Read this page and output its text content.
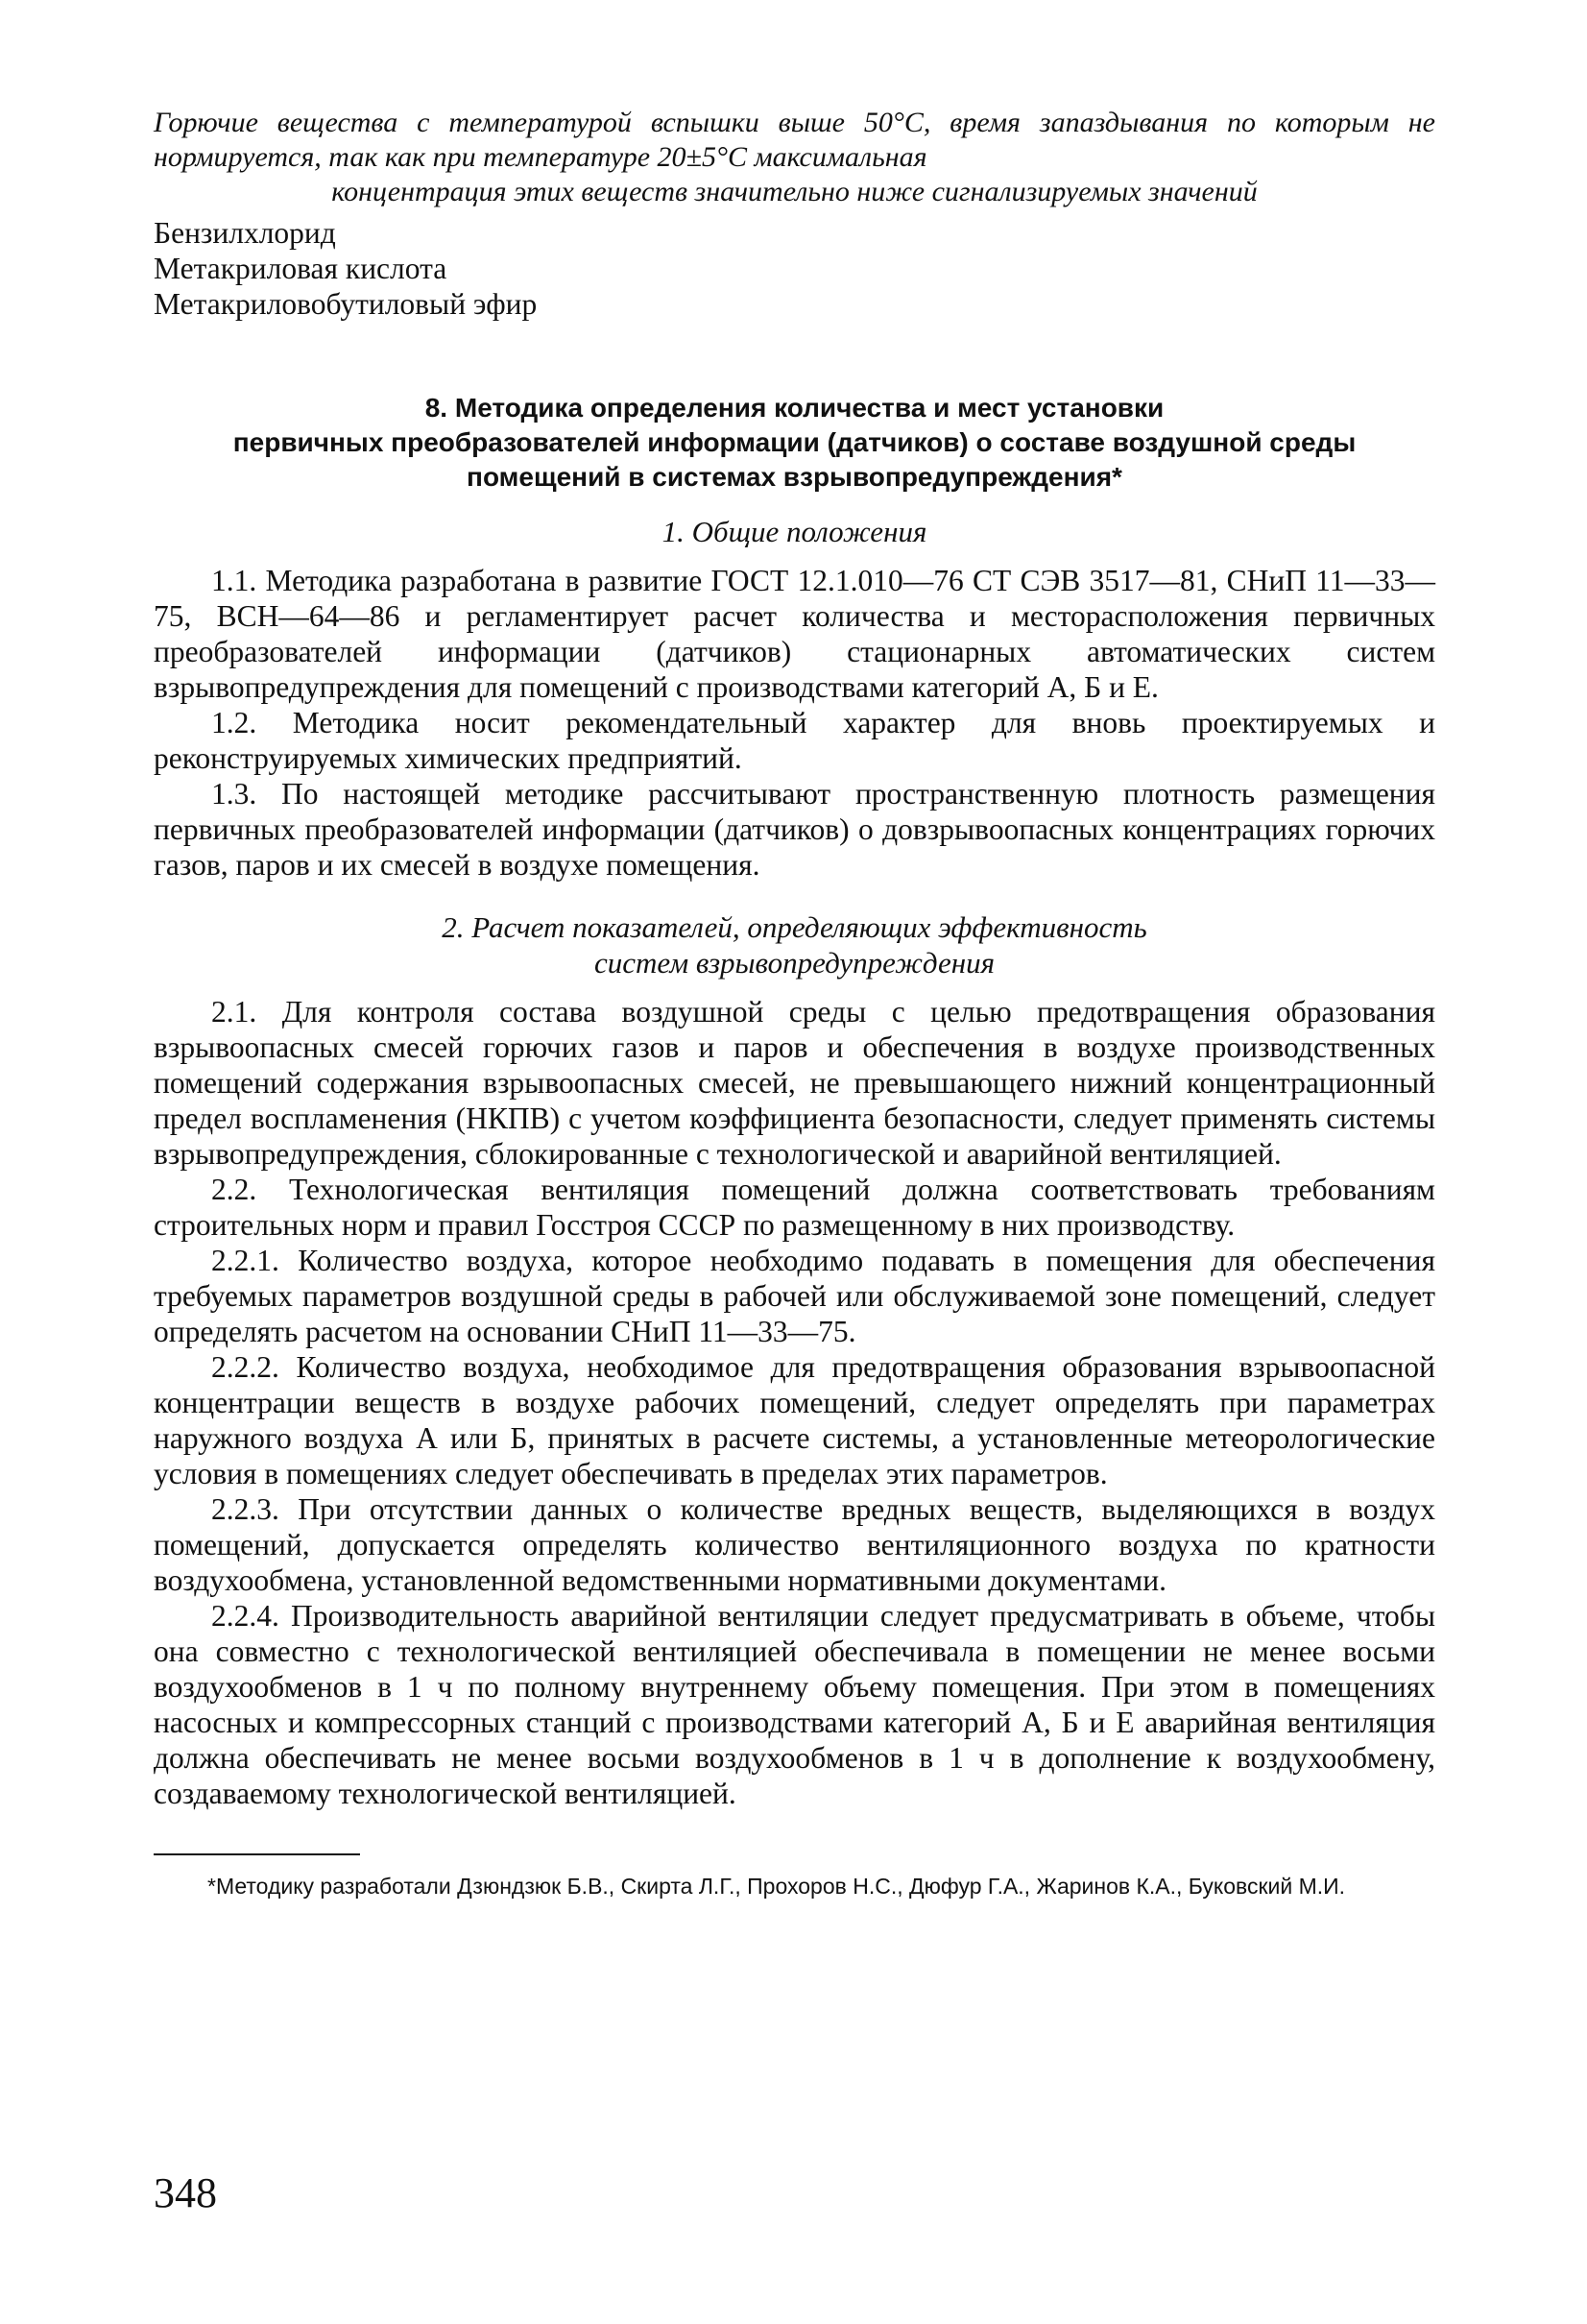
Горючие вещества с температурой вспышки выше 50°С, время запаздывания по которым не нормируется, так как при температуре 20±5°С максимальная
концентрация этих веществ значительно ниже сигнализируемых значений
Бензилхлорид
Метакриловая кислота
Метакриловобутиловый эфир
8. Методика определения количества и мест установки
первичных преобразователей информации (датчиков) о составе воздушной среды
помещений в системах взрывопредупреждения*
1. Общие положения

1.1. Методика разработана в развитие ГОСТ 12.1.010—76 СТ СЭВ 3517—81, СНиП 11—33—75, ВСН—64—86 и регламентирует расчет количества и месторасположения первичных преобразователей информации (датчиков) стационарных автоматических систем взрывопредупреждения для помещений с производствами категорий А, Б и Е.

1.2. Методика носит рекомендательный характер для вновь проектируемых и реконструируемых химических предприятий.

1.3. По настоящей методике рассчитывают пространственную плотность размещения первичных преобразователей информации (датчиков) о довзрывоопасных концентрациях горючих газов, паров и их смесей в воздухе помещения.

2. Расчет показателей, определяющих эффективность
систем взрывопредупреждения

2.1. Для контроля состава воздушной среды с целью предотвращения образования взрывоопасных смесей горючих газов и паров и обеспечения в воздухе производственных помещений содержания взрывоопасных смесей, не превышающего нижний концентрационный предел воспламенения (НКПВ) с учетом коэффициента безопасности, следует применять системы взрывопредупреждения, сблокированные с технологической и аварийной вентиляцией.

2.2. Технологическая вентиляция помещений должна соответствовать требованиям строительных норм и правил Госстроя СССР по размещенному в них производству.

2.2.1. Количество воздуха, которое необходимо подавать в помещения для обеспечения требуемых параметров воздушной среды в рабочей или обслуживаемой зоне помещений, следует определять расчетом на основании СНиП 11—33—75.

2.2.2. Количество воздуха, необходимое для предотвращения образования взрывоопасной концентрации веществ в воздухе рабочих помещений, следует определять при параметрах наружного воздуха А или Б, принятых в расчете системы, а установленные метеорологические условия в помещениях следует обеспечивать в пределах этих параметров.

2.2.3. При отсутствии данных о количестве вредных веществ, выделяющихся в воздух помещений, допускается определять количество вентиляционного воздуха по кратности воздухообмена, установленной ведомственными нормативными документами.

2.2.4. Производительность аварийной вентиляции следует предусматривать в объеме, чтобы она совместно с технологической вентиляцией обеспечивала в помещении не менее восьми воздухообменов в 1 ч по полному внутреннему объему помещения. При этом в помещениях насосных и компрессорных станций с производствами категорий А, Б и Е аварийная вентиляция должна обеспечивать не менее восьми воздухообменов в 1 ч в дополнение к воздухообмену, создаваемому технологической вентиляцией.

*Методику разработали Дзюндзюк Б.В., Скирта Л.Г., Прохоров Н.С., Дюфур Г.А., Жаринов К.А., Буковский М.И.
348
